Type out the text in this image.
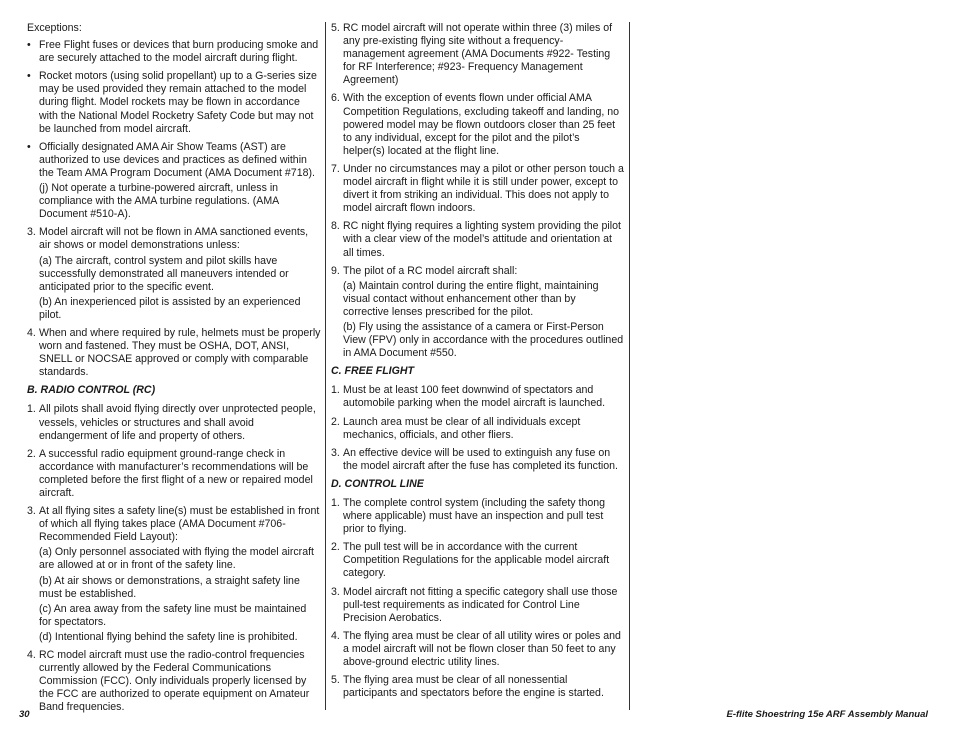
Exceptions:

• Free Flight fuses or devices that burn producing smoke and are securely attached to the model aircraft during flight.

• Rocket motors (using solid propellant) up to a G-series size may be used provided they remain attached to the model during flight. Model rockets may be flown in accordance with the National Model Rocketry Safety Code but may not be launched from model aircraft.

• Officially designated AMA Air Show Teams (AST) are authorized to use devices and practices as defined within the Team AMA Program Document (AMA Document #718).

(j) Not operate a turbine-powered aircraft, unless in compliance with the AMA turbine regulations. (AMA Document #510-A).

3. Model aircraft will not be flown in AMA sanctioned events, air shows or model demonstrations unless:

(a) The aircraft, control system and pilot skills have successfully demonstrated all maneuvers intended or anticipated prior to the specific event.

(b) An inexperienced pilot is assisted by an experienced pilot.

4. When and where required by rule, helmets must be properly worn and fastened. They must be OSHA, DOT, ANSI, SNELL or NOCSAE approved or comply with comparable standards.

B. RADIO CONTROL (RC)

1. All pilots shall avoid flying directly over unprotected people, vessels, vehicles or structures and shall avoid endangerment of life and property of others.

2. A successful radio equipment ground-range check in accordance with manufacturer’s recommendations will be completed before the first flight of a new or repaired model aircraft.

3. At all flying sites a safety line(s) must be established in front of which all flying takes place (AMA Document #706-Recommended Field Layout):

(a) Only personnel associated with flying the model aircraft are allowed at or in front of the safety line.

(b) At air shows or demonstrations, a straight safety line must be established.

(c) An area away from the safety line must be maintained for spectators.

(d) Intentional flying behind the safety line is prohibited.

4. RC model aircraft must use the radio-control frequencies currently allowed by the Federal Communications Commission (FCC). Only individuals properly licensed by the FCC are authorized to operate equipment on Amateur Band frequencies.

5. RC model aircraft will not operate within three (3) miles of any pre-existing flying site without a frequency-management agreement (AMA Documents #922- Testing for RF Interference; #923- Frequency Management Agreement)

6. With the exception of events flown under official AMA Competition Regulations, excluding takeoff and landing, no powered model may be flown outdoors closer than 25 feet to any individual, except for the pilot and the pilot’s helper(s) located at the flight line.

7. Under no circumstances may a pilot or other person touch a model aircraft in flight while it is still under power, except to divert it from striking an individual. This does not apply to model aircraft flown indoors.

8. RC night flying requires a lighting system providing the pilot with a clear view of the model’s attitude and orientation at all times.

9. The pilot of a RC model aircraft shall:

(a) Maintain control during the entire flight, maintaining visual contact without enhancement other than by corrective lenses prescribed for the pilot.

(b) Fly using the assistance of a camera or First-Person View (FPV) only in accordance with the procedures outlined in AMA Document #550.

C. FREE FLIGHT

1. Must be at least 100 feet downwind of spectators and automobile parking when the model aircraft is launched.

2. Launch area must be clear of all individuals except mechanics, officials, and other fliers.

3. An effective device will be used to extinguish any fuse on the model aircraft after the fuse has completed its function.

D. CONTROL LINE

1. The complete control system (including the safety thong where applicable) must have an inspection and pull test prior to flying.

2. The pull test will be in accordance with the current Competition Regulations for the applicable model aircraft category.

3. Model aircraft not fitting a specific category shall use those pull-test requirements as indicated for Control Line Precision Aerobatics.

4. The flying area must be clear of all utility wires or poles and a model aircraft will not be flown closer than 50 feet to any above-ground electric utility lines.

5. The flying area must be clear of all nonessential participants and spectators before the engine is started.

30	E-flite Shoestring 15e ARF Assembly Manual
